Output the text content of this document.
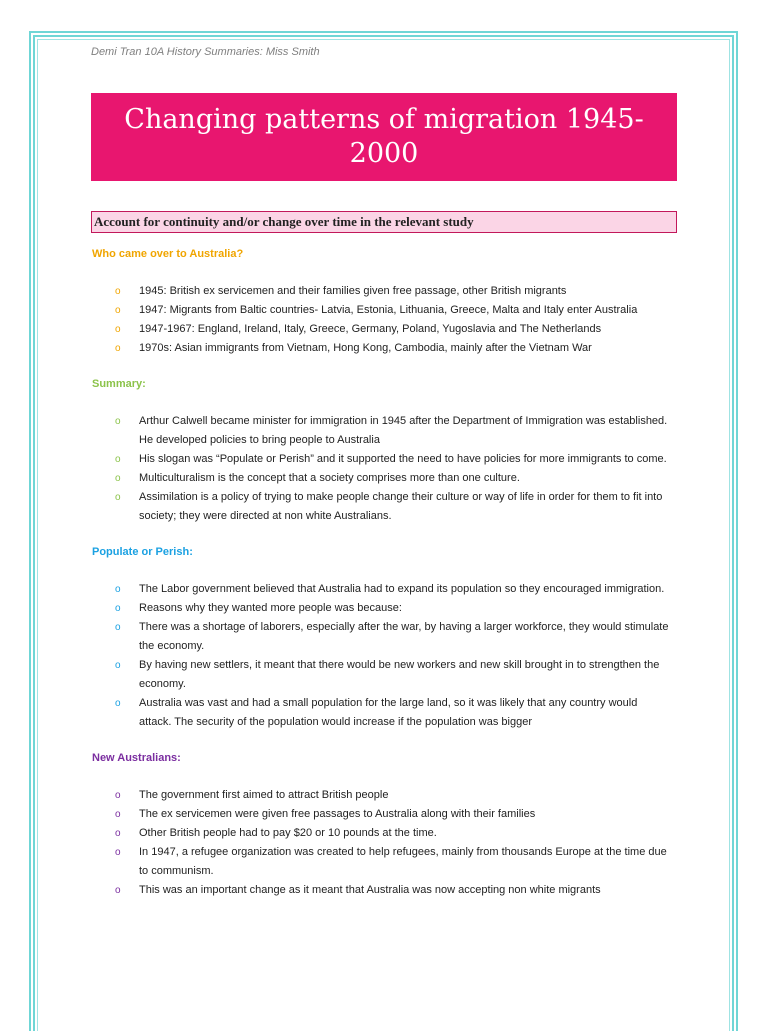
Demi Tran 10A History Summaries: Miss Smith
Changing patterns of migration 1945-2000
Account for continuity and/or change over time in the relevant study
Who came over to Australia?
o 1945: British ex servicemen and their families given free passage, other British migrants
o 1947: Migrants from Baltic countries- Latvia, Estonia, Lithuania, Greece, Malta and Italy enter Australia
o 1947-1967: England, Ireland, Italy, Greece, Germany, Poland, Yugoslavia and The Netherlands
o 1970s: Asian immigrants from Vietnam, Hong Kong, Cambodia, mainly after the Vietnam War
Summary:
o Arthur Calwell became minister for immigration in 1945 after the Department of Immigration was established. He developed policies to bring people to Australia
o His slogan was “Populate or Perish” and it supported the need to have policies for more immigrants to come.
o Multiculturalism is the concept that a society comprises more than one culture.
o Assimilation is a policy of trying to make people change their culture or way of life in order for them to fit into society; they were directed at non white Australians.
Populate or Perish:
o The Labor government believed that Australia had to expand its population so they encouraged immigration.
o Reasons why they wanted more people was because:
o There was a shortage of laborers, especially after the war, by having a larger workforce, they would stimulate the economy.
o By having new settlers, it meant that there would be new workers and new skill brought in to strengthen the economy.
o Australia was vast and had a small population for the large land, so it was likely that any country would attack. The security of the population would increase if the population was bigger
New Australians:
o The government first aimed to attract British people
o The ex servicemen were given free passages to Australia along with their families
o Other British people had to pay $20 or 10 pounds at the time.
o In 1947, a refugee organization was created to help refugees, mainly from thousands Europe at the time due to communism.
o This was an important change as it meant that Australia was now accepting non white migrants
